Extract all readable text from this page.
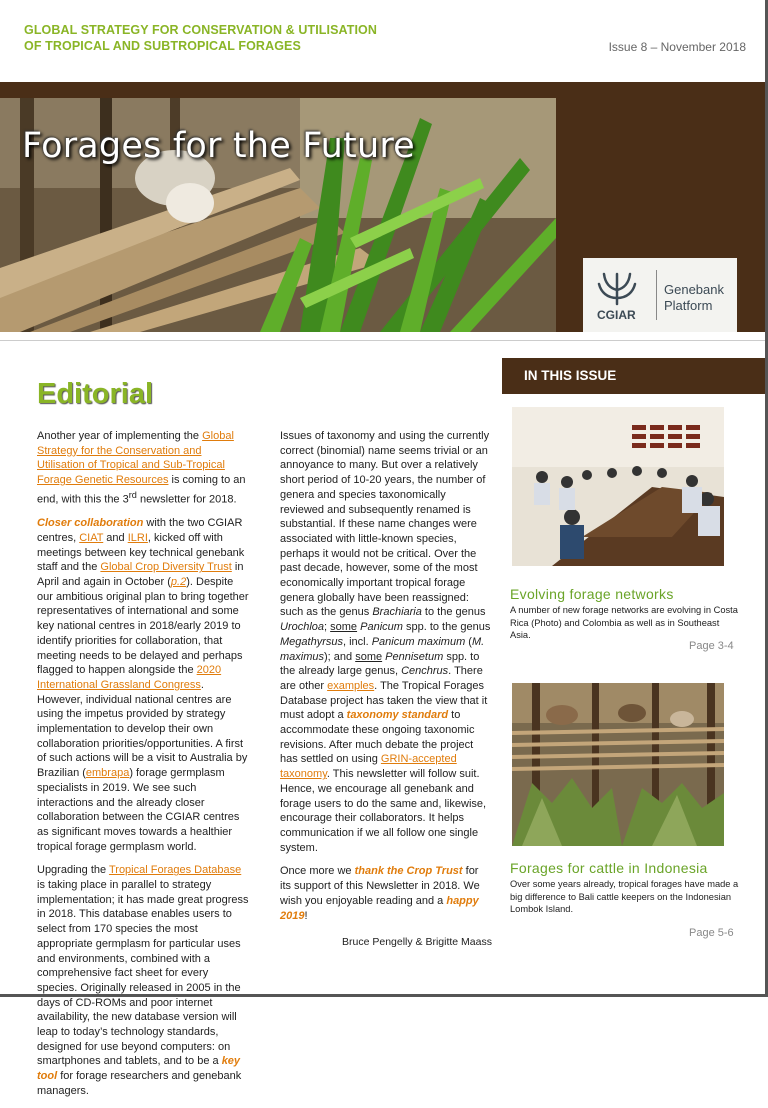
GLOBAL STRATEGY FOR CONSERVATION & UTILISATION
OF TROPICAL AND SUBTROPICAL FORAGES	Issue 8 – November 2018
Forages for the Future
CGIAR
Genebank
Platform
IN THIS ISSUE
Editorial

Another year of implementing the Global Strategy for the Conservation and Utilisation of Tropical and Sub-Tropical Forage Genetic Resources is coming to an end, with this the 3rd newsletter for 2018.

Closer collaboration with the two CGIAR centres, CIAT and ILRI, kicked off with meetings between key technical genebank staff and the Global Crop Diversity Trust in April and again in October (p.2). Despite our ambitious original plan to bring together representatives of international and some key national centres in 2018/early 2019 to identify priorities for collaboration, that meeting needs to be delayed and perhaps flagged to happen alongside the 2020 International Grassland Congress. However, individual national centres are using the impetus provided by strategy implementation to develop their own collaboration priorities/opportunities. A first of such actions will be a visit to Australia by Brazilian (embrapa) forage germplasm specialists in 2019. We see such interactions and the already closer collaboration between the CGIAR centres as significant moves towards a healthier tropical forage germplasm world.

Upgrading the Tropical Forages Database is taking place in parallel to strategy implementation; it has made great progress in 2018. This database enables users to select from 170 species the most appropriate germplasm for particular uses and environments, combined with a comprehensive fact sheet for every species. Originally released in 2005 in the days of CD-ROMs and poor internet availability, the new database version will leap to today’s technology standards, designed for use beyond computers: on smartphones and tablets, and to be a key tool for forage researchers and genebank managers.

Issues of taxonomy and using the currently correct (binomial) name seems trivial or an annoyance to many. But over a relatively short period of 10-20 years, the number of genera and species taxonomically reviewed and subsequently renamed is substantial. If these name changes were associated with little-known species, perhaps it would not be critical. Over the past decade, however, some of the most economically important tropical forage genera globally have been reassigned: such as the genus Brachiaria to the genus Urochloa; some Panicum spp. to the genus Megathyrsus, incl. Panicum maximum (M. maximus); and some Pennisetum spp. to the already large genus, Cenchrus. There are other examples. The Tropical Forages Database project has taken the view that it must adopt a taxonomy standard to accommodate these ongoing taxonomic revisions. After much debate the project has settled on using GRIN-accepted taxonomy. This newsletter will follow suit. Hence, we encourage all genebank and forage users to do the same and, likewise, encourage their collaborators. It helps communication if we all follow one single system.

Once more we thank the Crop Trust for its support of this Newsletter in 2018. We wish you enjoyable reading and a happy 2019!

Bruce Pengelly & Brigitte Maass
Evolving forage networks
A number of new forage networks are evolving in Costa Rica (Photo) and Colombia as well as in Southeast Asia.
Page 3-4
Forages for cattle in Indonesia
Over some years already, tropical forages have made a big difference to Bali cattle keepers on the Indonesian Lombok Island.
Page 5-6
